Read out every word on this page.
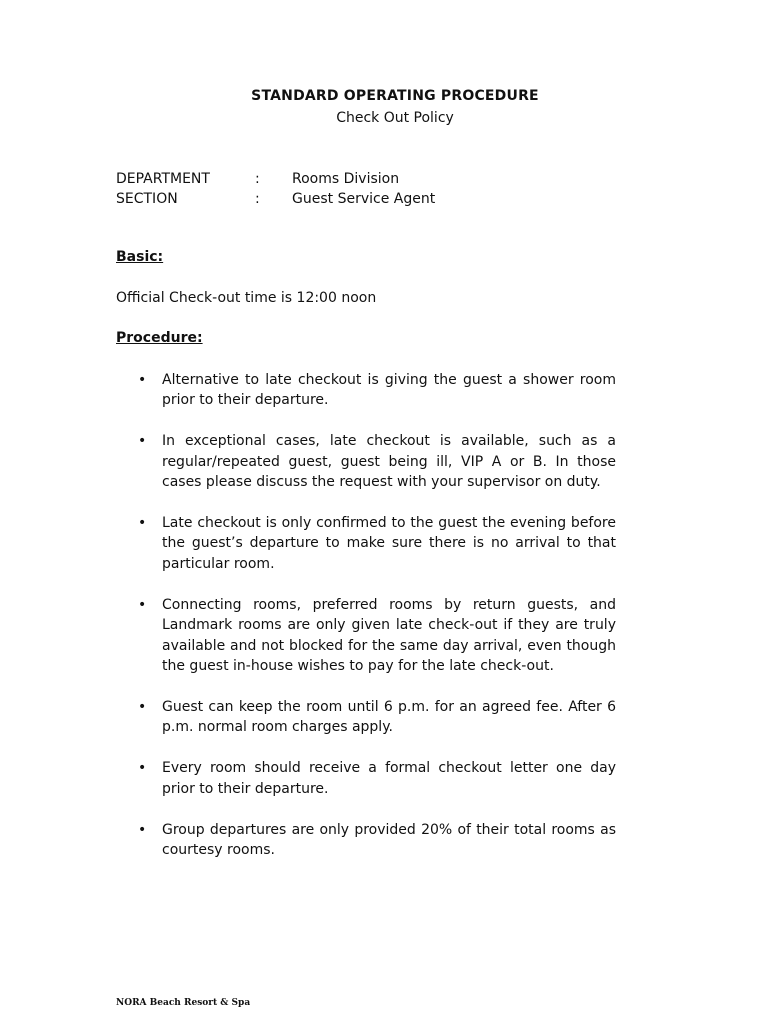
STANDARD OPERATING PROCEDURE
Check Out Policy
DEPARTMENT	: Rooms Division
SECTION	: Guest Service Agent
Basic:
Official Check-out time is 12:00 noon
Procedure:
• Alternative to late checkout is giving the guest a shower room prior to their departure.
• In exceptional cases, late checkout is available, such as a regular/repeated guest, guest being ill, VIP A or B. In those cases please discuss the request with your supervisor on duty.
• Late checkout is only confirmed to the guest the evening before the guest’s departure to make sure there is no arrival to that particular room.
• Connecting rooms, preferred rooms by return guests, and Landmark rooms are only given late check-out if they are truly available and not blocked for the same day arrival, even though the guest in-house wishes to pay for the late check-out.
• Guest can keep the room until 6 p.m. for an agreed fee. After 6 p.m. normal room charges apply.
• Every room should receive a formal checkout letter one day prior to their departure.
• Group departures are only provided 20% of their total rooms as courtesy rooms.
NORA Beach Resort & Spa
